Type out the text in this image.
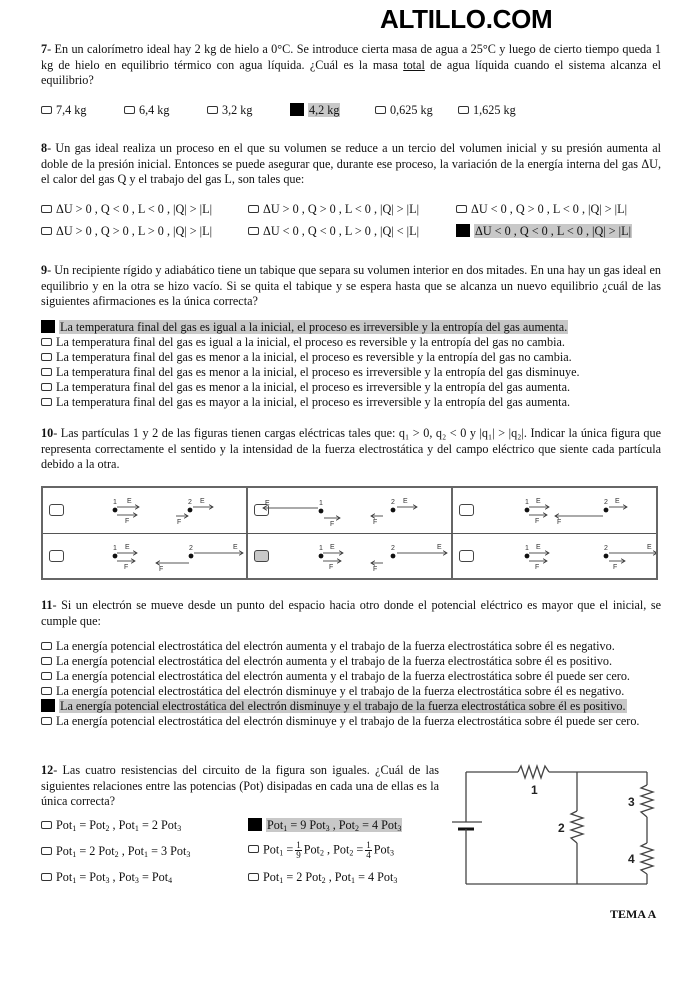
ALTILLO.COM
7- En un calorímetro ideal hay 2 kg de hielo a 0°C. Se introduce cierta masa de agua a 25°C y luego de cierto tiempo queda 1 kg de hielo en equilibrio térmico con agua líquida. ¿Cuál es la masa total de agua líquida cuando el sistema alcanza el equilibrio?
7,4 kg	6,4 kg	3,2 kg	4,2 kg	0,625 kg	1,625 kg
8- Un gas ideal realiza un proceso en el que su volumen se reduce a un tercio del volumen inicial y su presión aumenta al doble de la presión inicial. Entonces se puede asegurar que, durante ese proceso, la variación de la energía interna del gas ΔU, el calor del gas Q y el trabajo del gas L, son tales que:
ΔU > 0 , Q < 0 , L < 0 , |Q| > |L|	ΔU > 0 , Q > 0 , L < 0 , |Q| > |L|	ΔU < 0 , Q > 0 , L < 0 , |Q| > |L|
ΔU > 0 , Q > 0 , L > 0 , |Q| > |L|	ΔU < 0 , Q < 0 , L > 0 , |Q| < |L|	ΔU < 0 , Q < 0 , L < 0 , |Q| > |L|
9- Un recipiente rígido y adiabático tiene un tabique que separa su volumen interior en dos mitades. En una hay un gas ideal en equilibrio y en la otra se hizo vacío. Si se quita el tabique y se espera hasta que se alcanza un nuevo equilibrio ¿cuál de las siguientes afirmaciones es la única correcta?
La temperatura final del gas es igual a la inicial, el proceso es irreversible y la entropía del gas aumenta.
La temperatura final del gas es igual a la inicial, el proceso es reversible y la entropía del gas no cambia.
La temperatura final del gas es menor a la inicial, el proceso es reversible y la entropía del gas no cambia.
La temperatura final del gas es menor a la inicial, el proceso es irreversible y la entropía del gas disminuye.
La temperatura final del gas es menor a la inicial, el proceso es irreversible y la entropía del gas aumenta.
La temperatura final del gas es mayor a la inicial, el proceso es irreversible y la entropía del gas aumenta.
10- Las partículas 1 y 2 de las figuras tienen cargas eléctricas tales que: q₁ > 0, q₂ < 0 y |q₁| > |q₂|. Indicar la única figura que representa correctamente el sentido y la intensidad de la fuerza electrostática y del campo eléctrico que siente cada partícula debido a la otra.
1 E
F
2 E
F
1
E
F
2 E
F
1 E
F
2 E
F
1 E
F
2	E
F
1 E
F
2	E
F
1 E
F
2	E
F
11- Si un electrón se mueve desde un punto del espacio hacia otro donde el potencial eléctrico es mayor que el inicial, se cumple que:
La energía potencial electrostática del electrón aumenta y el trabajo de la fuerza electrostática sobre él es negativo.
La energía potencial electrostática del electrón aumenta y el trabajo de la fuerza electrostática sobre él es positivo.
La energía potencial electrostática del electrón aumenta y el trabajo de la fuerza electrostática sobre él puede ser cero.
La energía potencial electrostática del electrón disminuye y el trabajo de la fuerza electrostática sobre él es negativo.
La energía potencial electrostática del electrón disminuye y el trabajo de la fuerza electrostática sobre él es positivo.
La energía potencial electrostática del electrón disminuye y el trabajo de la fuerza electrostática sobre él puede ser cero.
12- Las cuatro resistencias del circuito de la figura son iguales. ¿Cuál de las siguientes relaciones entre las potencias (Pot) disipadas en cada una de ellas es la única correcta?
Pot$_1$ = Pot$_2$ , Pot$_1$ = 2 Pot$_3$	Pot$_1$ = 9 Pot$_3$ , Pot$_2$ = 4 Pot$_3$
Pot$_1$ = 2 Pot$_2$ , Pot$_1$ = 3 Pot$_3$	$Pot_1 = \frac{1}{9} Pot_2$ , $Pot_2 = \frac{1}{4} Pot_3$
Pot$_1$ = Pot$_3$ , Pot$_3$ = Pot$_4$	Pot$_1$ = 2 Pot$_2$ , Pot$_1$ = 4 Pot$_3$
1
2
3
4
TEMA A
